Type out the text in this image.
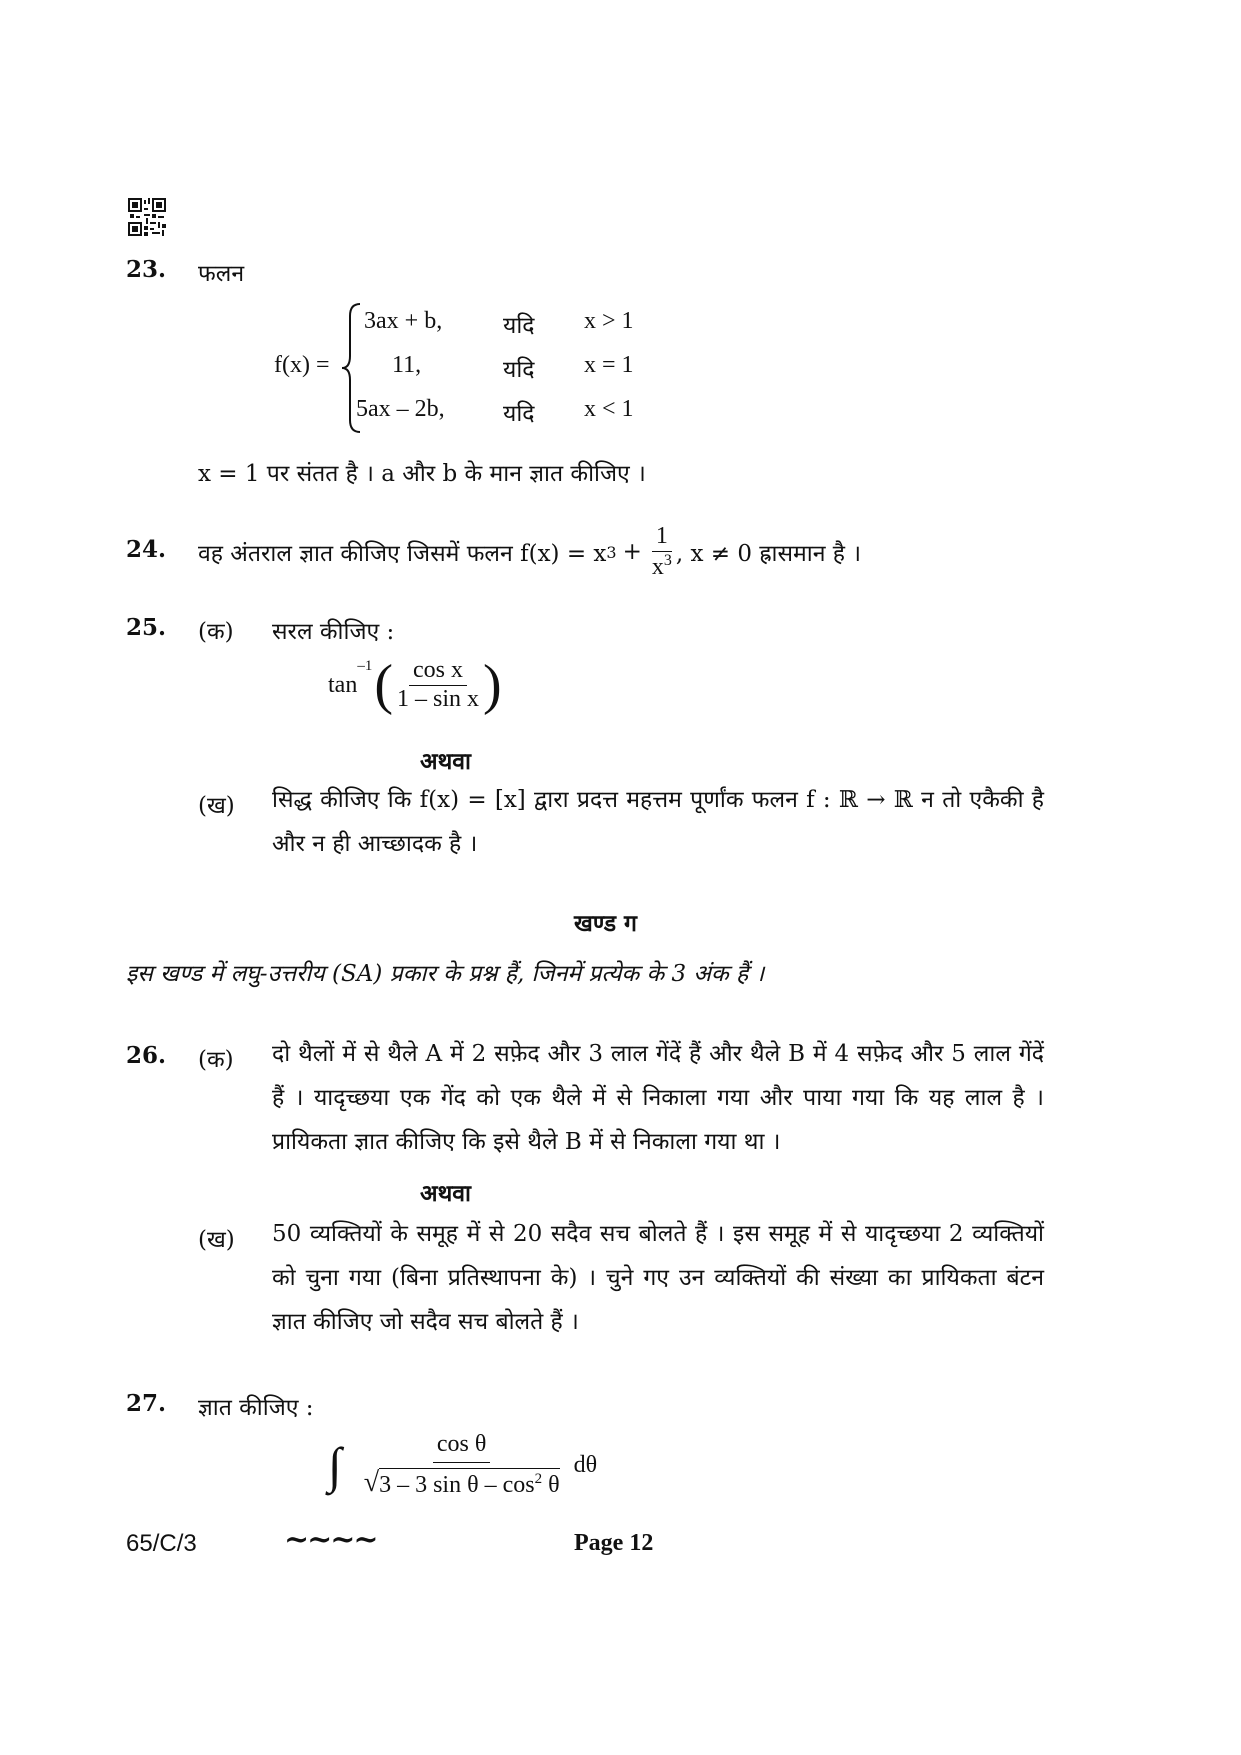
23. फलन
f(x) =
3ax + b,	यदि x > 1
11,	यदि x = 1
5ax – 2b,	यदि x < 1
x = 1 पर संतत है । a और b के मान ज्ञात कीजिए ।
24. वह अंतराल ज्ञात कीजिए जिसमें फलन f(x) = x $3 + \frac{1}{x^3}$ , x ≠ 0 ह्रासमान है ।
25. (क) सरल कीजिए :
tan
$^{-1}$ ( $\frac{\text{cos x}}{\text{1 – sin x}}$ )
अथवा
(ख) सिद्ध कीजिए कि f(x) = [x] द्वारा प्रदत्त महत्तम पूर्णांक फलन f : ℝ → ℝ न तो एकैकी है और न ही आच्छादक है ।
खण्ड ग
इस खण्ड में लघु-उत्तरीय (SA) प्रकार के प्रश्न हैं, जिनमें प्रत्येक के 3 अंक हैं ।
26. (क) दो थैलों में से थैले A में 2 सफ़ेद और 3 लाल गेंदें हैं और थैले B में 4 सफ़ेद और 5 लाल गेंदें हैं । यादृच्छया एक गेंद को एक थैले में से निकाला गया और पाया गया कि यह लाल है । प्रायिकता ज्ञात कीजिए कि इसे थैले B में से निकाला गया था ।
अथवा
(ख) 50 व्यक्तियों के समूह में से 20 सदैव सच बोलते हैं । इस समूह में से यादृच्छया 2 व्यक्तियों को चुना गया (बिना प्रतिस्थापना के) । चुने गए उन व्यक्तियों की संख्या का प्रायिकता बंटन ज्ञात कीजिए जो सदैव सच बोलते हैं ।
27. ज्ञात कीजिए :
∫ $\frac{\text{cos θ}}{√ 3 - 3 \sin \theta - \cos^2 \theta}$ dθ
65/C/3	~~~~	Page 12
